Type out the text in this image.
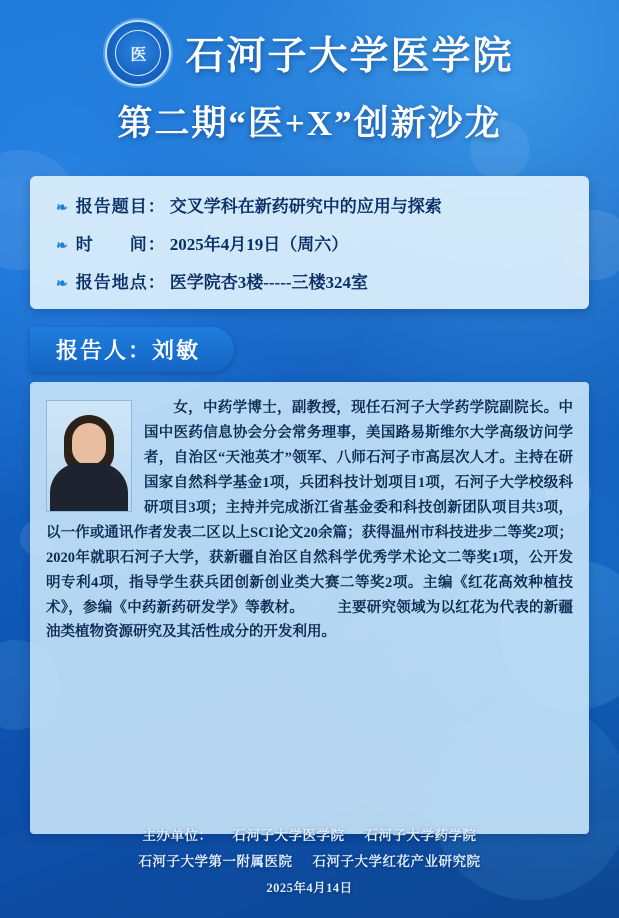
医	石河子大学医学院
第二期“医+X”创新沙龙
❧ 报告题目： 交叉学科在新药研究中的应用与探索
❧ 时　　间： 2025年4月19日（周六）
❧ 报告地点： 医学院杏3楼-----三楼324室
报告人：刘敏
女，中药学博士，副教授，现任石河子大学药学院副院长。中国中医药信息协会分会常务理事，美国路易斯维尔大学高级访问学者，自治区“天池英才”领军、八师石河子市高层次人才。主持在研国家自然科学基金1项，兵团科技计划项目1项，石河子大学校级科研项目3项；主持并完成浙江省基金委和科技创新团队项目共3项，以一作或通讯作者发表二区以上SCI论文20余篇；获得温州市科技进步二等奖2项；2020年就职石河子大学，获新疆自治区自然科学优秀学术论文二等奖1项，公开发明专利4项，指导学生获兵团创新创业类大赛二等奖2项。主编《红花高效种植技术》，参编《中药新药研发学》等教材。 主要研究领域为以红花为代表的新疆油类植物资源研究及其活性成分的开发利用。
主办单位： 石河子大学医学院 石河子大学药学院
石河子大学第一附属医院 石河子大学红花产业研究院
2025年4月14日
